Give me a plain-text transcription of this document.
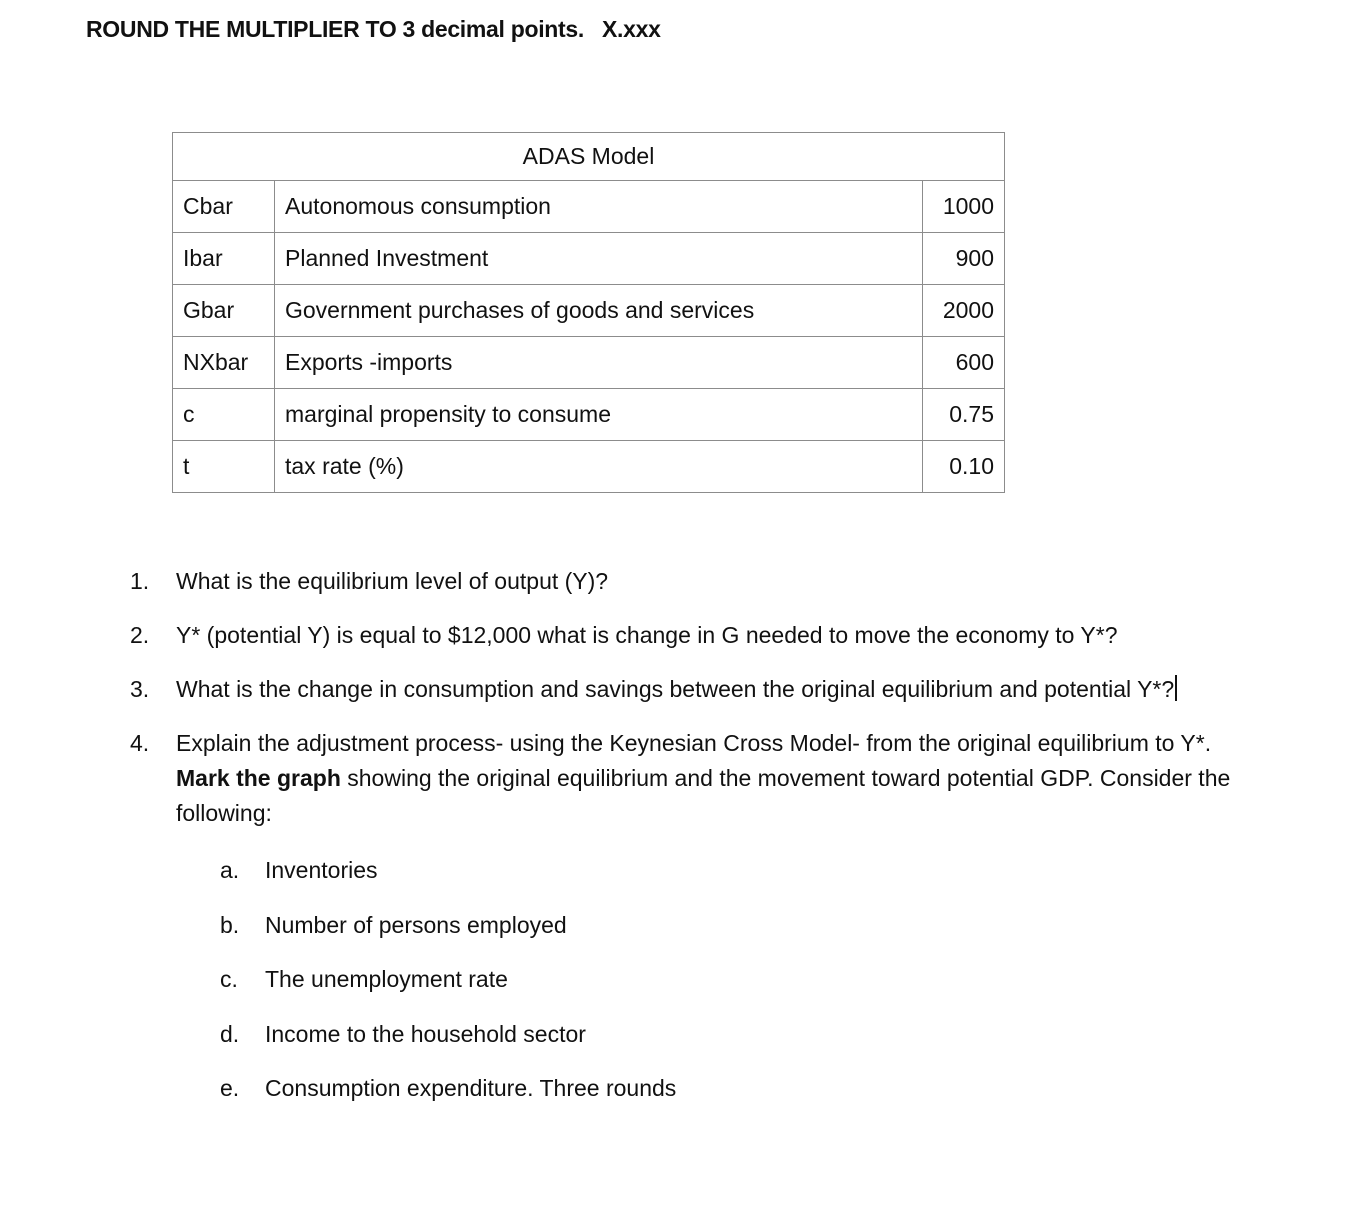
ROUND THE MULTIPLIER TO 3 decimal points. X.xxx
ADAS Model		
Cbar	Autonomous consumption	1000
Ibar	Planned Investment	900
Gbar	Government purchases of goods and services	2000
NXbar	Exports -imports	600
c	marginal propensity to consume	0.75
t	tax rate (%)	0.10
1.	What is the equilibrium level of output (Y)?
2.	Y* (potential Y) is equal to $12,000 what is change in G needed to move the economy to Y*?
3.	What is the change in consumption and savings between the original equilibrium and potential Y*?
4.	Explain the adjustment process- using the Keynesian Cross Model- from the original equilibrium to Y*. Mark the graph showing the original equilibrium and the movement toward potential GDP. Consider the following:
a.	Inventories
b.	Number of persons employed
c.	The unemployment rate
d.	Income to the household sector
e.	Consumption expenditure. Three rounds
